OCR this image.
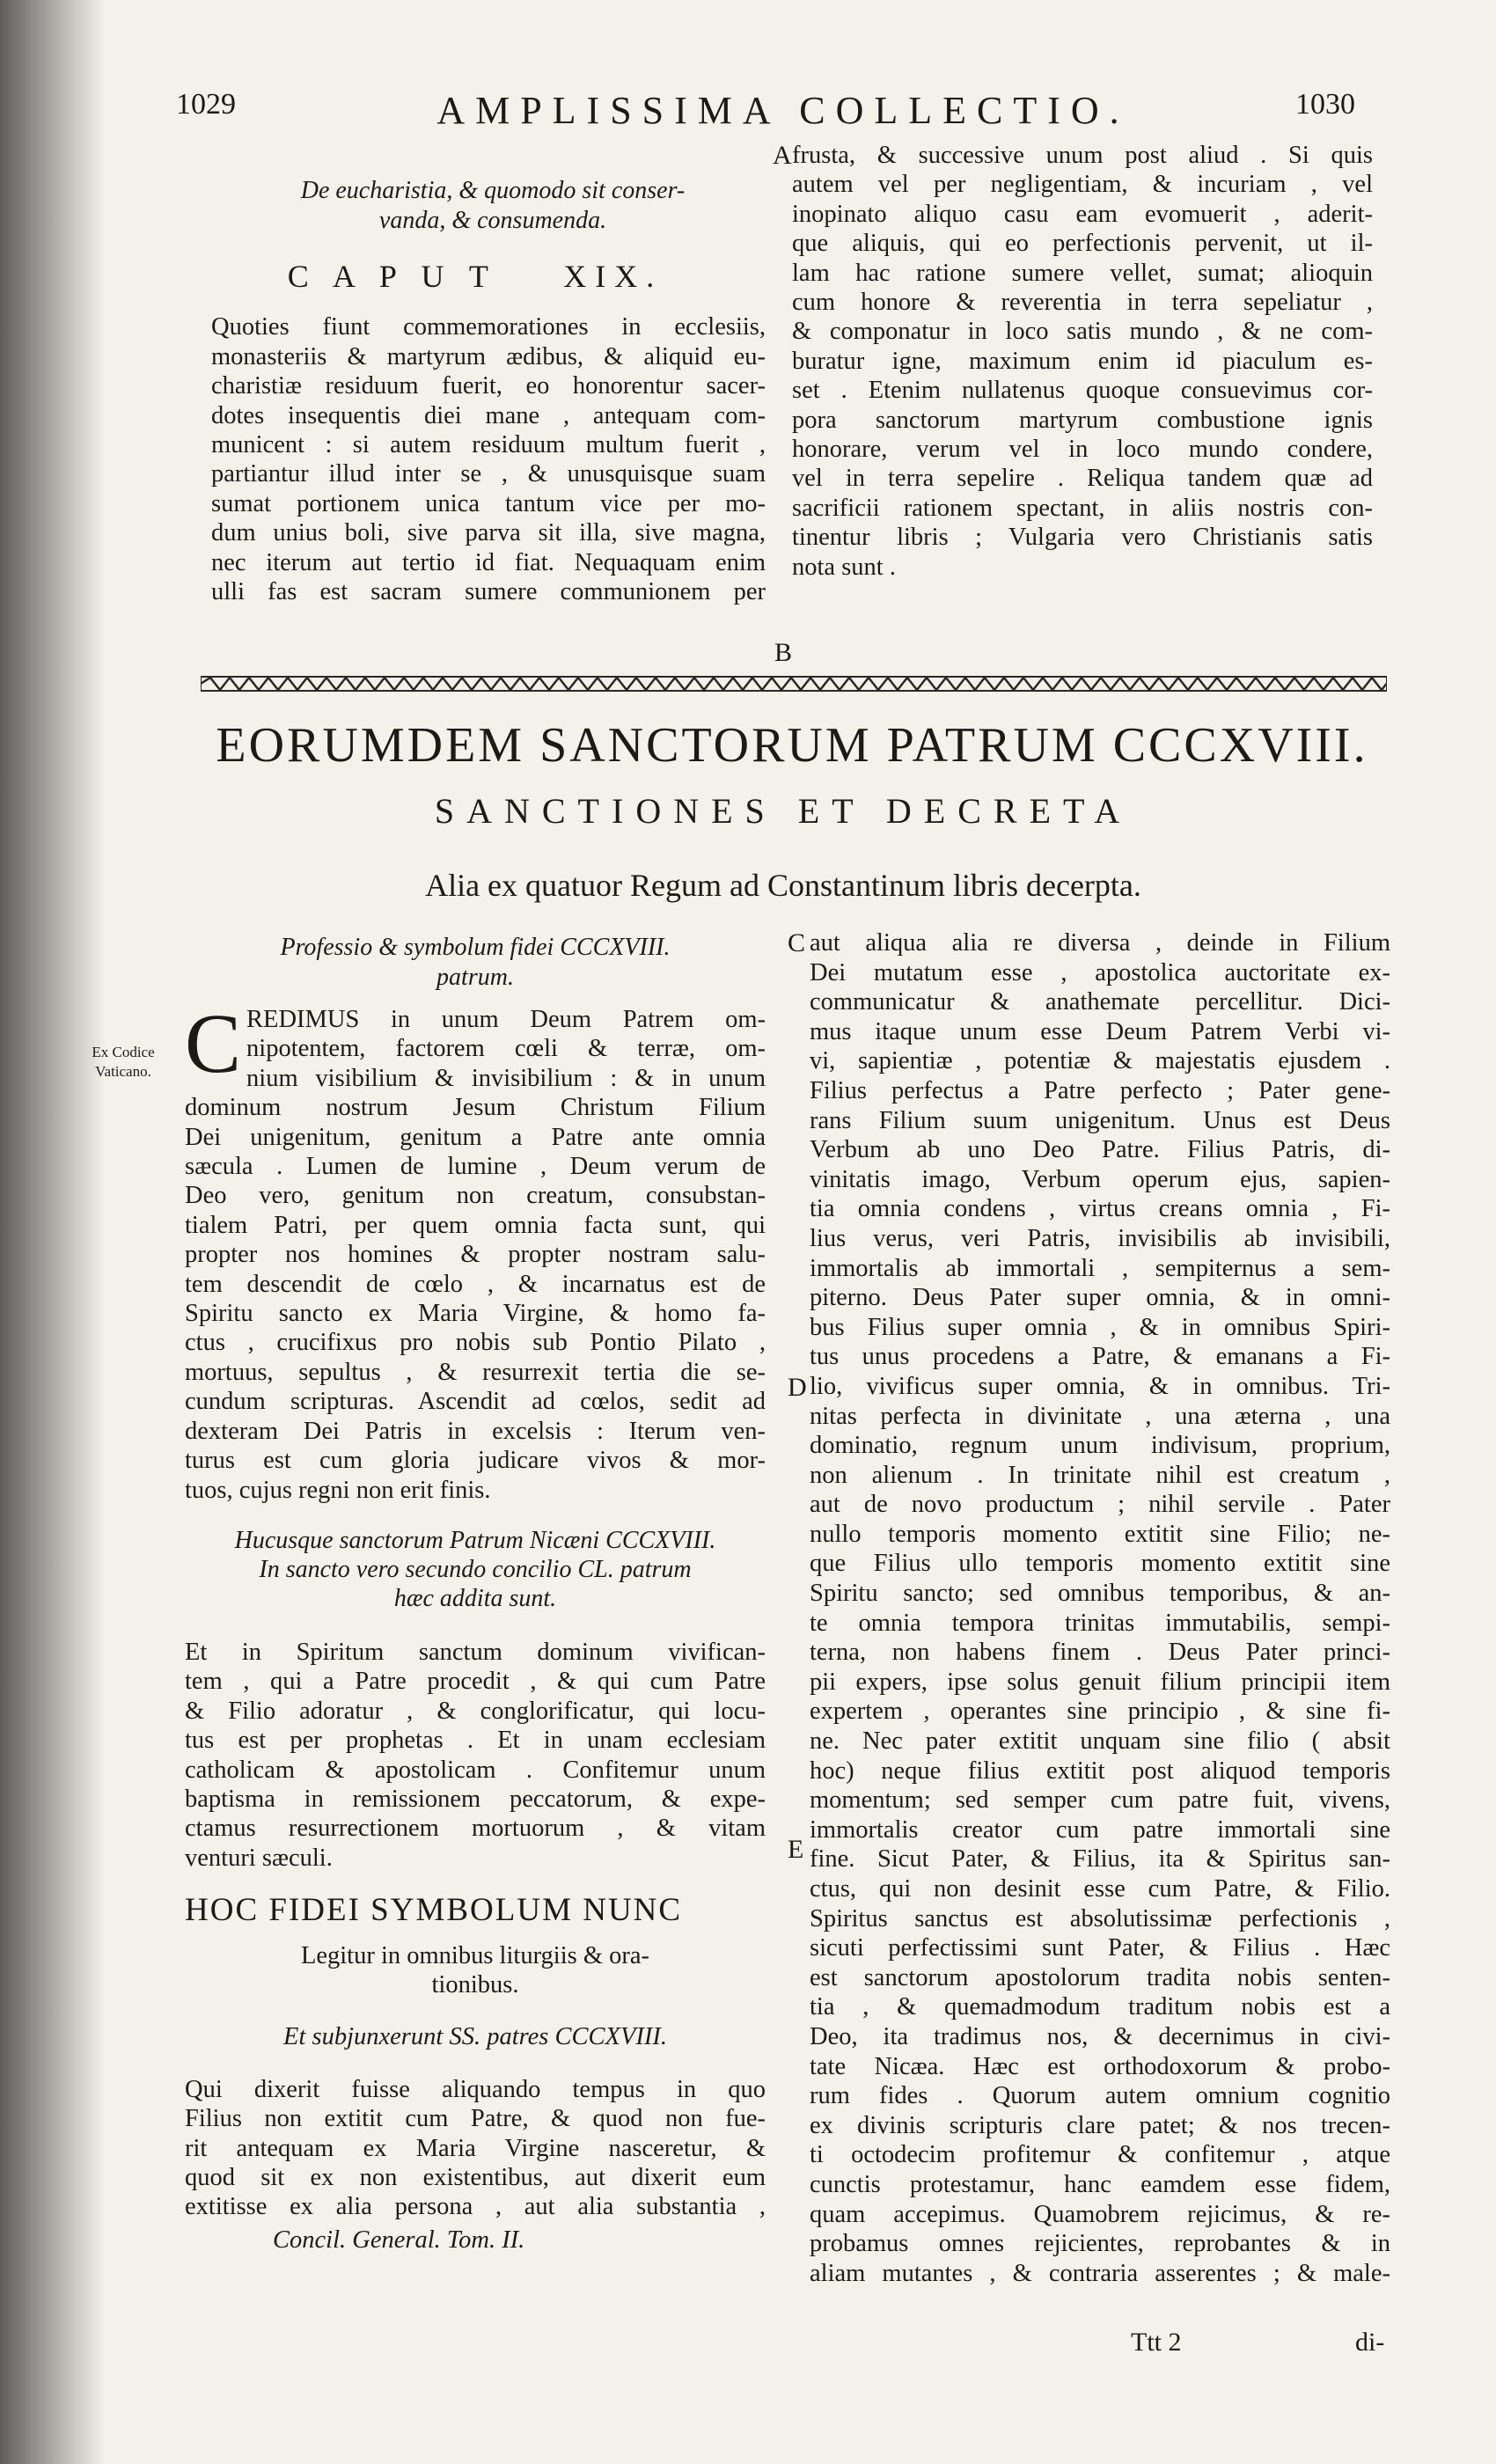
1029	AMPLISSIMA COLLECTIO.	1030
De eucharistia, & quomodo sit conser-
vanda, & consumenda.
C A P U T    XIX.
Quoties fiunt commemorationes in ecclesiis,
monasteriis & martyrum ædibus, & aliquid eu-
charistiæ residuum fuerit, eo honorentur sacer-
dotes insequentis diei mane , antequam com-
municent : si autem residuum multum fuerit ,
partiantur illud inter se , & unusquisque suam
sumat portionem unica tantum vice per mo-
dum unius boli, sive parva sit illa, sive magna,
nec iterum aut tertio id fiat. Nequaquam enim
ulli fas est sacram sumere communionem per
frusta, & successive unum post aliud . Si quis
autem vel per negligentiam, & incuriam , vel
inopinato aliquo casu eam evomuerit , aderit-
que aliquis, qui eo perfectionis pervenit, ut il-
lam hac ratione sumere vellet, sumat; alioquin
cum honore & reverentia in terra sepeliatur ,
& componatur in loco satis mundo , & ne com-
buratur igne, maximum enim id piaculum es-
set . Etenim nullatenus quoque consuevimus cor-
pora sanctorum martyrum combustione ignis
honorare, verum vel in loco mundo condere,
vel in terra sepelire . Reliqua tandem quæ ad
sacrificii rationem spectant, in aliis nostris con-
tinentur libris ; Vulgaria vero Christianis satis
nota sunt .
A
B
EORUMDEM SANCTORUM PATRUM CCCXVIII.
SANCTIONES ET DECRETA
Alia ex quatuor Regum ad Constantinum libris decerpta.
Ex Codice
Vaticano.
Professio & symbolum fidei CCCXVIII.
patrum.
C REDIMUS in unum Deum Patrem om-
nipotentem, factorem cœli & terræ, om-
nium visibilium & invisibilium : & in unum
dominum nostrum Jesum Christum Filium
Dei unigenitum, genitum a Patre ante omnia
sæcula . Lumen de lumine , Deum verum de
Deo vero, genitum non creatum, consubstan-
tialem Patri, per quem omnia facta sunt, qui
propter nos homines & propter nostram salu-
tem descendit de cœlo , & incarnatus est de
Spiritu sancto ex Maria Virgine, & homo fa-
ctus , crucifixus pro nobis sub Pontio Pilato ,
mortuus, sepultus , & resurrexit tertia die se-
cundum scripturas. Ascendit ad cœlos, sedit ad
dexteram Dei Patris in excelsis : Iterum ven-
turus est cum gloria judicare vivos & mor-
tuos, cujus regni non erit finis.
Hucusque sanctorum Patrum Nicæni CCCXVIII.
In sancto vero secundo concilio CL. patrum
hæc addita sunt.
Et in Spiritum sanctum dominum vivifican-
tem , qui a Patre procedit , & qui cum Patre
& Filio adoratur , & conglorificatur, qui locu-
tus est per prophetas . Et in unam ecclesiam
catholicam & apostolicam . Confitemur unum
baptisma in remissionem peccatorum, & expe-
ctamus resurrectionem mortuorum , & vitam
venturi sæculi.
HOC FIDEI SYMBOLUM NUNC
Legitur in omnibus liturgiis & ora-
tionibus.
Et subjunxerunt SS. patres CCCXVIII.
Qui dixerit fuisse aliquando tempus in quo
Filius non extitit cum Patre, & quod non fue-
rit antequam ex Maria Virgine nasceretur, &
quod sit ex non existentibus, aut dixerit eum
extitisse ex alia persona , aut alia substantia ,
Concil. General. Tom. II.
aut aliqua alia re diversa , deinde in Filium
Dei mutatum esse , apostolica auctoritate ex-
communicatur & anathemate percellitur. Dici-
mus itaque unum esse Deum Patrem Verbi vi-
vi, sapientiæ , potentiæ & majestatis ejusdem .
Filius perfectus a Patre perfecto ; Pater gene-
rans Filium suum unigenitum. Unus est Deus
Verbum ab uno Deo Patre. Filius Patris, di-
vinitatis imago, Verbum operum ejus, sapien-
tia omnia condens , virtus creans omnia , Fi-
lius verus, veri Patris, invisibilis ab invisibili,
immortalis ab immortali , sempiternus a sem-
piterno. Deus Pater super omnia, & in omni-
bus Filius super omnia , & in omnibus Spiri-
tus unus procedens a Patre, & emanans a Fi-
lio, vivificus super omnia, & in omnibus. Tri-
nitas perfecta in divinitate , una æterna , una
dominatio, regnum unum indivisum, proprium,
non alienum . In trinitate nihil est creatum ,
aut de novo productum ; nihil servile . Pater
nullo temporis momento extitit sine Filio; ne-
que Filius ullo temporis momento extitit sine
Spiritu sancto; sed omnibus temporibus, & an-
te omnia tempora trinitas immutabilis, sempi-
terna, non habens finem . Deus Pater princi-
pii expers, ipse solus genuit filium principii item
expertem , operantes sine principio , & sine fi-
ne. Nec pater extitit unquam sine filio ( absit
hoc) neque filius extitit post aliquod temporis
momentum; sed semper cum patre fuit, vivens,
immortalis creator cum patre immortali sine
fine. Sicut Pater, & Filius, ita & Spiritus san-
ctus, qui non desinit esse cum Patre, & Filio.
Spiritus sanctus est absolutissimæ perfectionis ,
sicuti perfectissimi sunt Pater, & Filius . Hæc
est sanctorum apostolorum tradita nobis senten-
tia , & quemadmodum traditum nobis est a
Deo, ita tradimus nos, & decernimus in civi-
tate Nicæa. Hæc est orthodoxorum & probo-
rum fides . Quorum autem omnium cognitio
ex divinis scripturis clare patet; & nos trecen-
ti octodecim profitemur & confitemur , atque
cunctis protestamur, hanc eamdem esse fidem,
quam accepimus. Quamobrem rejicimus, & re-
probamus omnes rejicientes, reprobantes & in
aliam mutantes , & contraria asserentes ; & male-
C
D
E
Ttt 2	di-
